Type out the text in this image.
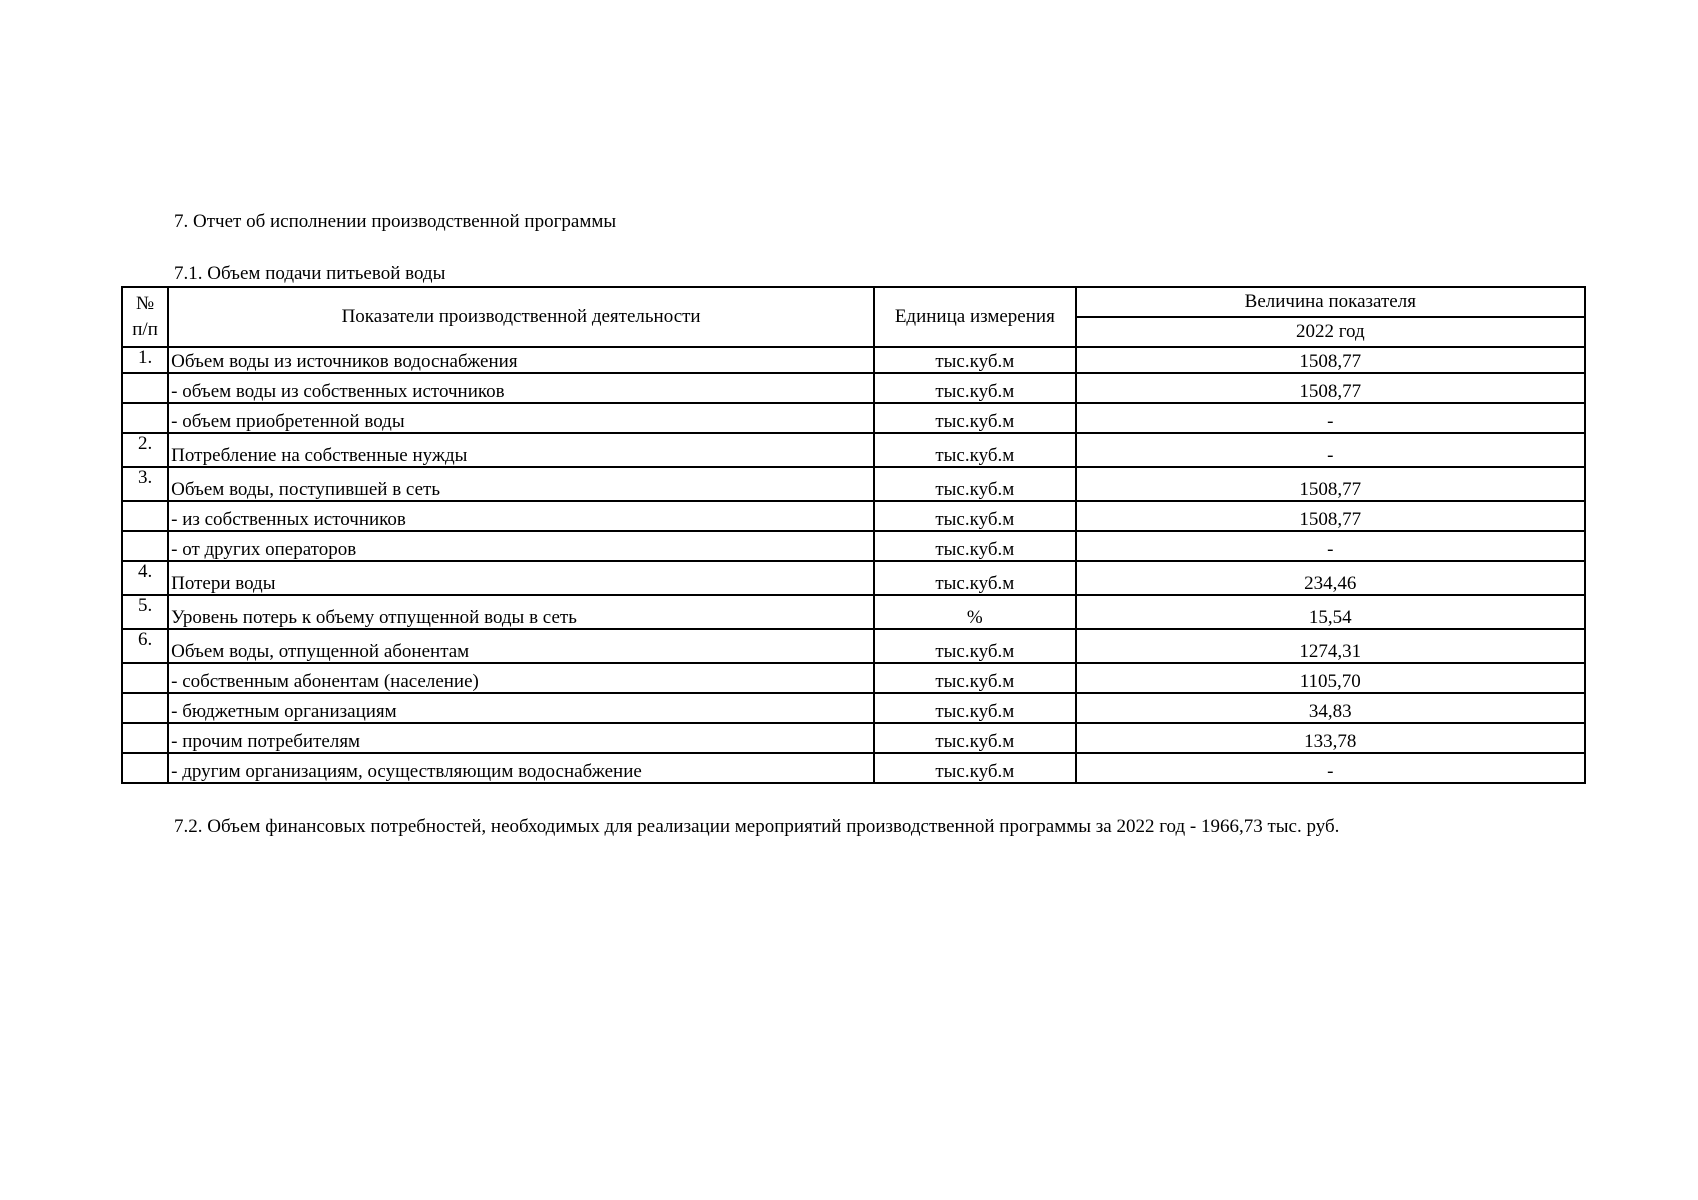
7. Отчет об исполнении производственной программы
7.1. Объем подачи питьевой воды
№
п/п	Показатели производственной деятельности	Единица измерения	Величина показателя
			2022 год
1.	Объем воды из источников водоснабжения	тыс.куб.м	1508,77
	- объем воды из собственных источников	тыс.куб.м	1508,77
	- объем приобретенной воды	тыс.куб.м	-
2.	Потребление на собственные нужды	тыс.куб.м	-
3.	Объем воды, поступившей в сеть	тыс.куб.м	1508,77
	- из собственных источников	тыс.куб.м	1508,77
	- от других операторов	тыс.куб.м	-
4.	Потери воды	тыс.куб.м	234,46
5.	Уровень потерь к объему отпущенной воды в сеть	%	15,54
6.	Объем воды, отпущенной абонентам	тыс.куб.м	1274,31
	- собственным абонентам (население)	тыс.куб.м	1105,70
	- бюджетным организациям	тыс.куб.м	34,83
	- прочим потребителям	тыс.куб.м	133,78
	- другим организациям, осуществляющим водоснабжение	тыс.куб.м	-
7.2. Объем финансовых потребностей, необходимых для реализации мероприятий производственной программы за 2022 год - 1966,73 тыс. руб.
